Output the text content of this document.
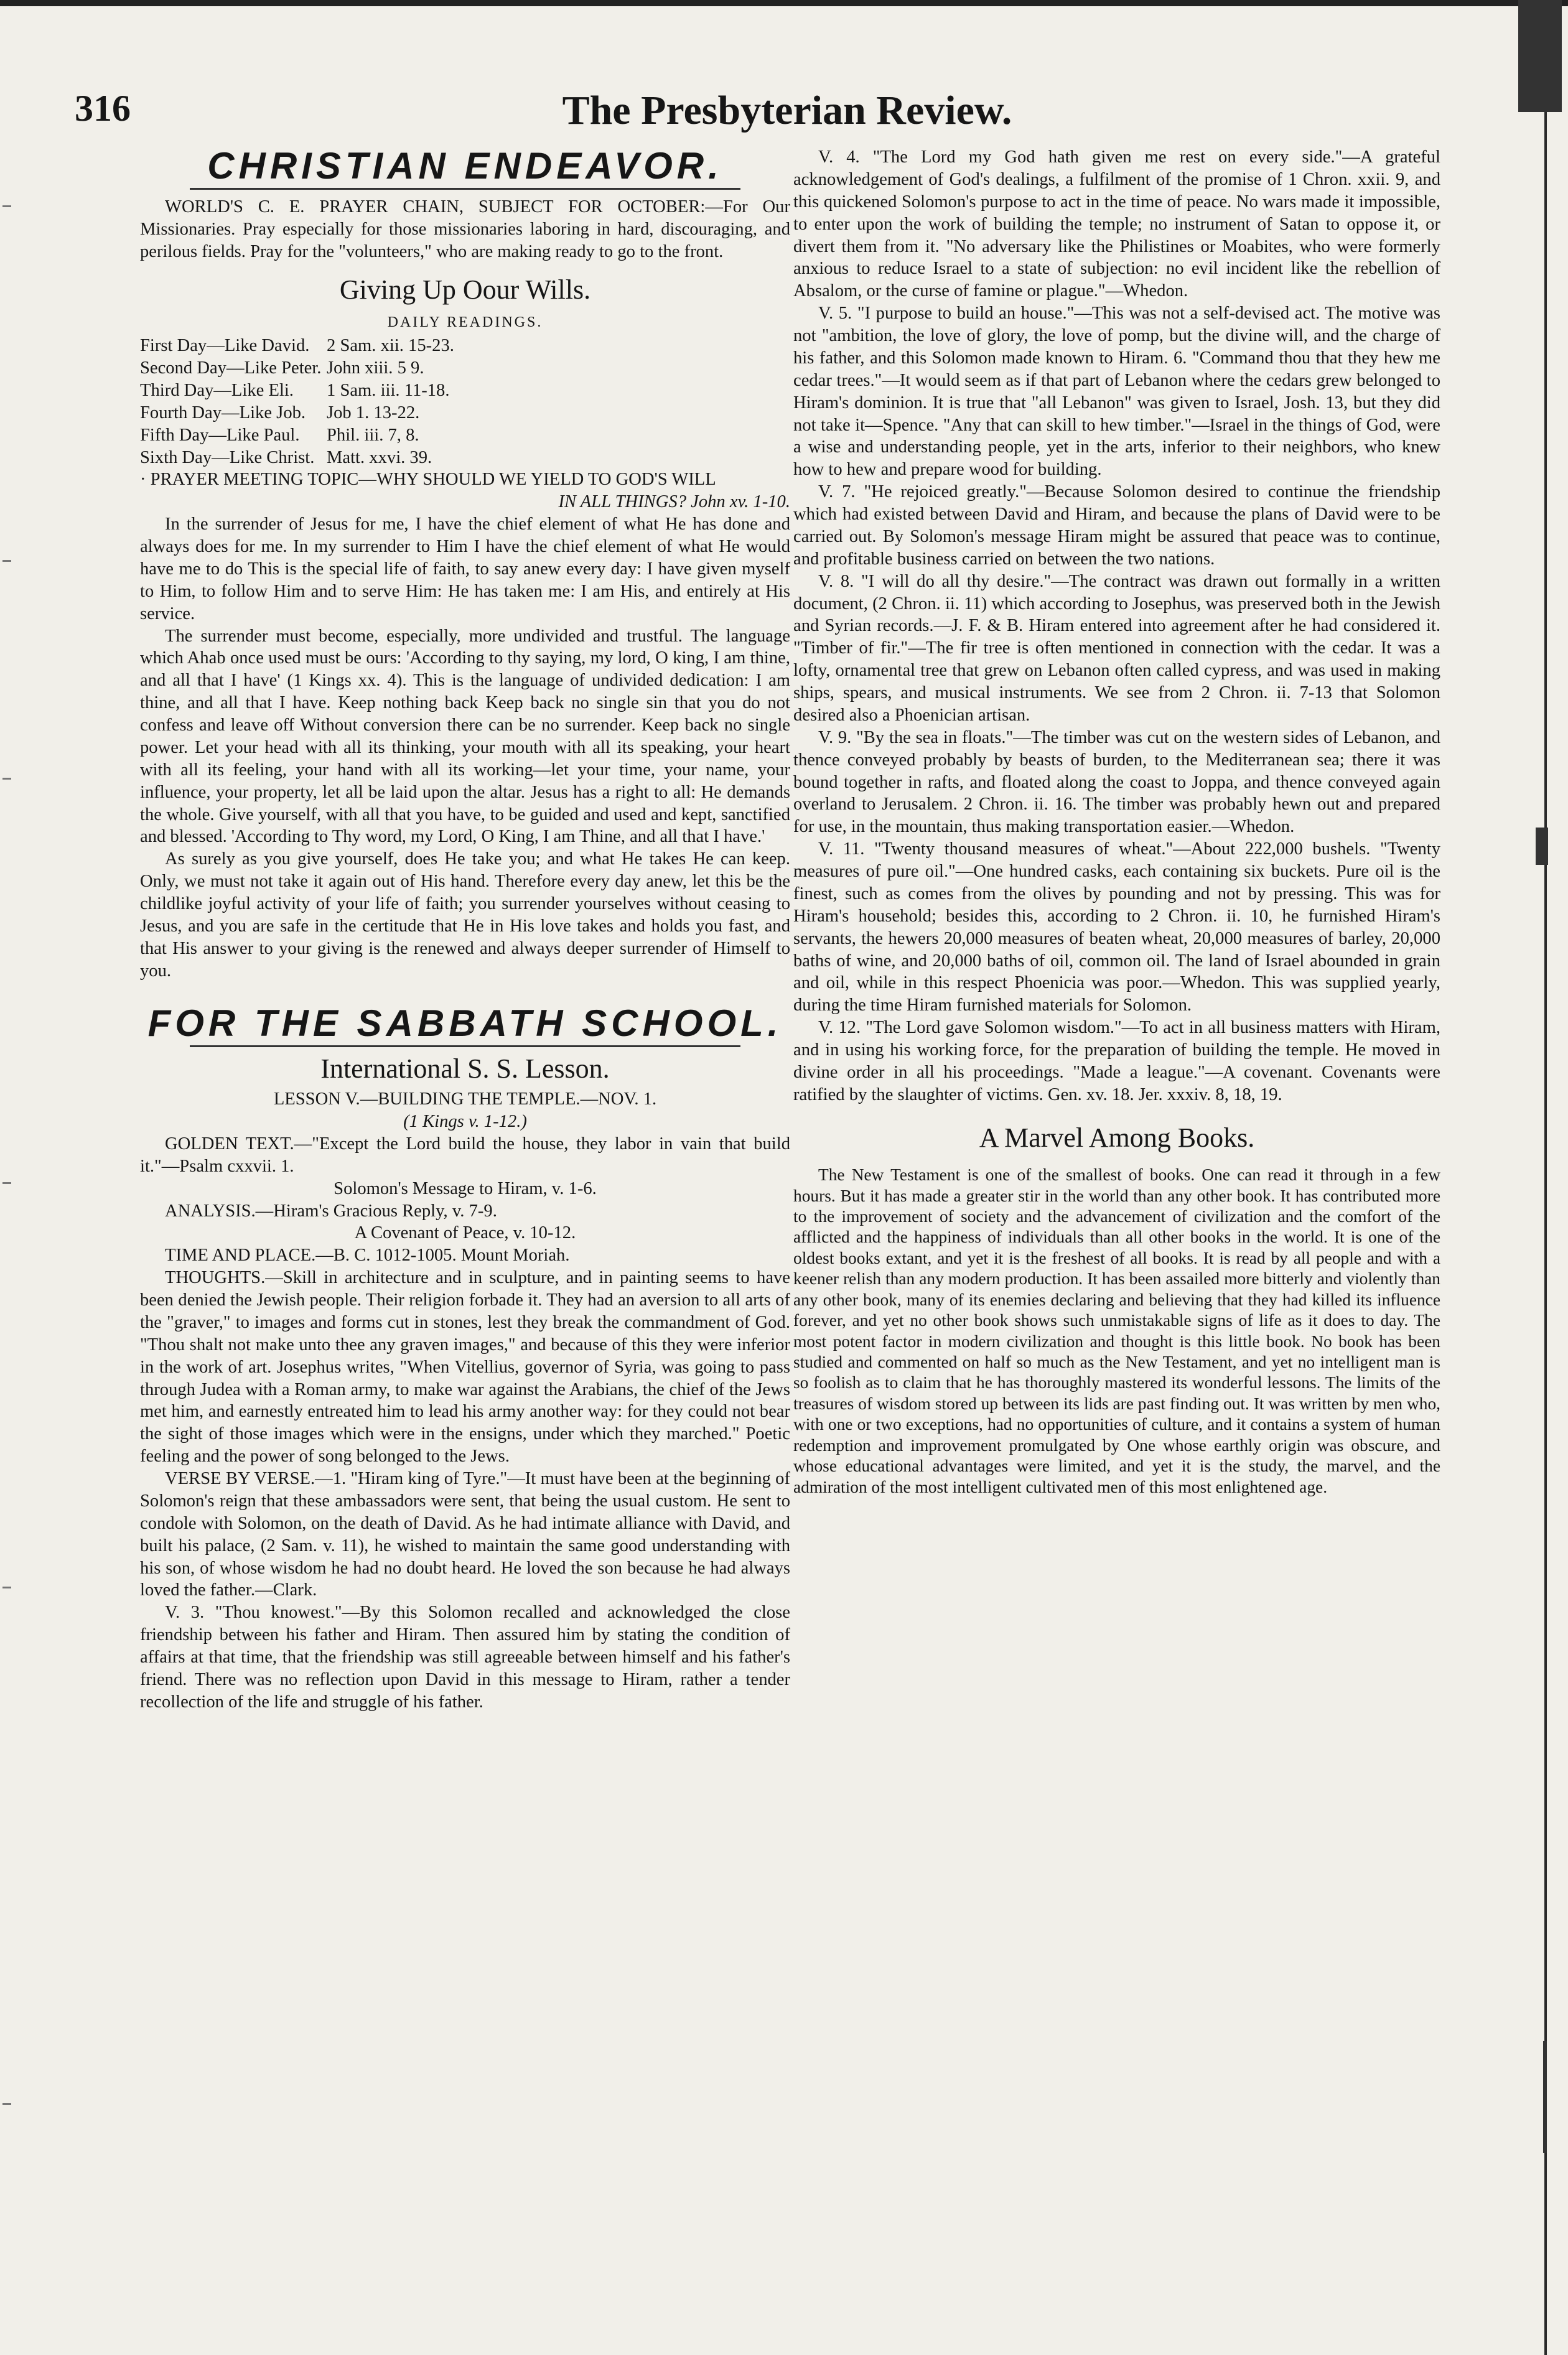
316	The Presbyterian Review.
CHRISTIAN ENDEAVOR.

WORLD'S C. E. PRAYER CHAIN, SUBJECT FOR OCTOBER:—For Our Missionaries. Pray especially for those missionaries laboring in hard, discouraging, and perilous fields. Pray for the "volunteers," who are making ready to go to the front.

Giving Up Oour Wills.
DAILY READINGS.
First Day—Like David. 2 Sam. xii. 15-23.
Second Day—Like Peter. John xiii. 5 9.
Third Day—Like Eli.	1 Sam. iii. 11-18.
Fourth Day—Like Job.	Job 1. 13-22.
Fifth Day—Like Paul.	Phil. iii. 7, 8.
Sixth Day—Like Christ. Matt. xxvi. 39.

· PRAYER MEETING TOPIC—WHY SHOULD WE YIELD TO GOD'S WILL

IN ALL THINGS? John xv. 1-10.

In the surrender of Jesus for me, I have the chief element of what He has done and always does for me. In my surrender to Him I have the chief element of what He would have me to do This is the special life of faith, to say anew every day: I have given myself to Him, to follow Him and to serve Him: He has taken me: I am His, and entirely at His service.

The surrender must become, especially, more undivided and trustful. The language which Ahab once used must be ours: 'According to thy saying, my lord, O king, I am thine, and all that I have' (1 Kings xx. 4). This is the language of undivided dedication: I am thine, and all that I have. Keep nothing back Keep back no single sin that you do not confess and leave off Without conversion there can be no surrender. Keep back no single power. Let your head with all its thinking, your mouth with all its speaking, your heart with all its feeling, your hand with all its working—let your time, your name, your influence, your property, let all be laid upon the altar. Jesus has a right to all: He demands the whole. Give yourself, with all that you have, to be guided and used and kept, sanctified and blessed. 'According to Thy word, my Lord, O King, I am Thine, and all that I have.'

As surely as you give yourself, does He take you; and what He takes He can keep. Only, we must not take it again out of His hand. Therefore every day anew, let this be the childlike joyful activity of your life of faith; you surrender yourselves without ceasing to Jesus, and you are safe in the certitude that He in His love takes and holds you fast, and that His answer to your giving is the renewed and always deeper surrender of Himself to you.

FOR THE SABBATH SCHOOL.
International S. S. Lesson.

LESSON V.—BUILDING THE TEMPLE.—NOV. 1.

(1 Kings v. 1-12.)

GOLDEN TEXT.—"Except the Lord build the house, they labor in vain that build it."—Psalm cxxvii. 1.

Solomon's Message to Hiram, v. 1-6.

ANALYSIS.—Hiram's Gracious Reply, v. 7-9.

A Covenant of Peace, v. 10-12.

TIME AND PLACE.—B. C. 1012-1005. Mount Moriah.

THOUGHTS.—Skill in architecture and in sculpture, and in painting seems to have been denied the Jewish people. Their religion forbade it. They had an aversion to all arts of the "graver," to images and forms cut in stones, lest they break the commandment of God. "Thou shalt not make unto thee any graven images," and because of this they were inferior in the work of art. Josephus writes, "When Vitellius, governor of Syria, was going to pass through Judea with a Roman army, to make war against the Arabians, the chief of the Jews met him, and earnestly entreated him to lead his army another way: for they could not bear the sight of those images which were in the ensigns, under which they marched." Poetic feeling and the power of song belonged to the Jews.

VERSE BY VERSE.—1. "Hiram king of Tyre."—It must have been at the beginning of Solomon's reign that these ambassadors were sent, that being the usual custom. He sent to condole with Solomon, on the death of David. As he had intimate alliance with David, and built his palace, (2 Sam. v. 11), he wished to maintain the same good understanding with his son, of whose wisdom he had no doubt heard. He loved the son because he had always loved the father.—Clark.

V. 3. "Thou knowest."—By this Solomon recalled and acknowledged the close friendship between his father and Hiram. Then assured him by stating the condition of affairs at that time, that the friendship was still agreeable between himself and his father's friend. There was no reflection upon David in this message to Hiram, rather a tender recollection of the life and struggle of his father.

V. 4. "The Lord my God hath given me rest on every side."—A grateful acknowledgement of God's dealings, a fulfilment of the promise of 1 Chron. xxii. 9, and this quickened Solomon's purpose to act in the time of peace. No wars made it impossible, to enter upon the work of building the temple; no instrument of Satan to oppose it, or divert them from it. "No adversary like the Philistines or Moabites, who were formerly anxious to reduce Israel to a state of subjection: no evil incident like the rebellion of Absalom, or the curse of famine or plague."—Whedon.

V. 5. "I purpose to build an house."—This was not a self-devised act. The motive was not "ambition, the love of glory, the love of pomp, but the divine will, and the charge of his father, and this Solomon made known to Hiram. 6. "Command thou that they hew me cedar trees."—It would seem as if that part of Lebanon where the cedars grew belonged to Hiram's dominion. It is true that "all Lebanon" was given to Israel, Josh. 13, but they did not take it—Spence. "Any that can skill to hew timber."—Israel in the things of God, were a wise and understanding people, yet in the arts, inferior to their neighbors, who knew how to hew and prepare wood for building.

V. 7. "He rejoiced greatly."—Because Solomon desired to continue the friendship which had existed between David and Hiram, and because the plans of David were to be carried out. By Solomon's message Hiram might be assured that peace was to continue, and profitable business carried on between the two nations.

V. 8. "I will do all thy desire."—The contract was drawn out formally in a written document, (2 Chron. ii. 11) which according to Josephus, was preserved both in the Jewish and Syrian records.—J. F. & B. Hiram entered into agreement after he had considered it. "Timber of fir."—The fir tree is often mentioned in connection with the cedar. It was a lofty, ornamental tree that grew on Lebanon often called cypress, and was used in making ships, spears, and musical instruments. We see from 2 Chron. ii. 7-13 that Solomon desired also a Phoenician artisan.

V. 9. "By the sea in floats."—The timber was cut on the western sides of Lebanon, and thence conveyed probably by beasts of burden, to the Mediterranean sea; there it was bound together in rafts, and floated along the coast to Joppa, and thence conveyed again overland to Jerusalem. 2 Chron. ii. 16. The timber was probably hewn out and prepared for use, in the mountain, thus making transportation easier.—Whedon.

V. 11. "Twenty thousand measures of wheat."—About 222,000 bushels. "Twenty measures of pure oil."—One hundred casks, each containing six buckets. Pure oil is the finest, such as comes from the olives by pounding and not by pressing. This was for Hiram's household; besides this, according to 2 Chron. ii. 10, he furnished Hiram's servants, the hewers 20,000 measures of beaten wheat, 20,000 measures of barley, 20,000 baths of wine, and 20,000 baths of oil, common oil. The land of Israel abounded in grain and oil, while in this respect Phoenicia was poor.—Whedon. This was supplied yearly, during the time Hiram furnished materials for Solomon.

V. 12. "The Lord gave Solomon wisdom."—To act in all business matters with Hiram, and in using his working force, for the preparation of building the temple. He moved in divine order in all his proceedings. "Made a league."—A covenant. Covenants were ratified by the slaughter of victims. Gen. xv. 18. Jer. xxxiv. 8, 18, 19.

A Marvel Among Books.

The New Testament is one of the smallest of books. One can read it through in a few hours. But it has made a greater stir in the world than any other book. It has contributed more to the improvement of society and the advancement of civilization and the comfort of the afflicted and the happiness of individuals than all other books in the world. It is one of the oldest books extant, and yet it is the freshest of all books. It is read by all people and with a keener relish than any modern production. It has been assailed more bitterly and violently than any other book, many of its enemies declaring and believing that they had killed its influence forever, and yet no other book shows such unmistakable signs of life as it does to day. The most potent factor in modern civilization and thought is this little book. No book has been studied and commented on half so much as the New Testament, and yet no intelligent man is so foolish as to claim that he has thoroughly mastered its wonderful lessons. The limits of the treasures of wisdom stored up between its lids are past finding out. It was written by men who, with one or two exceptions, had no opportunities of culture, and it contains a system of human redemption and improvement promulgated by One whose earthly origin was obscure, and whose educational advantages were limited, and yet it is the study, the marvel, and the admiration of the most intelligent cultivated men of this most enlightened age.
